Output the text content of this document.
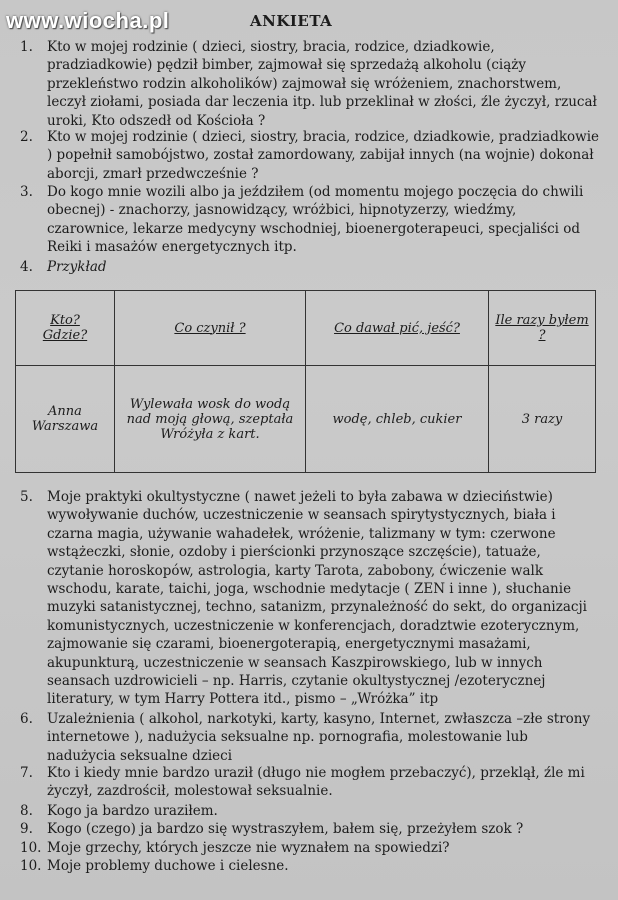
www.wiocha.pl	ANKIETA
1.	Kto w mojej rodzinie ( dzieci, siostry, bracia, rodzice, dziadkowie, pradziadkowie) pędził bimber, zajmował się sprzedażą alkoholu (ciąży przekleństwo rodzin alkoholików) zajmował się wróżeniem, znachorstwem, leczył ziołami, posiada dar leczenia itp. lub przeklinał w złości, źle życzył, rzucał uroki, Kto odszedł od Kościoła ?
2.	Kto w mojej rodzinie ( dzieci, siostry, bracia, rodzice, dziadkowie, pradziadkowie ) popełnił samobójstwo, został zamordowany, zabijał innych (na wojnie) dokonał aborcji, zmarł przedwcześnie ?
3.	Do kogo mnie wozili albo ja jeździłem (od momentu mojego poczęcia do chwili obecnej) - znachorzy, jasnowidzący, wróżbici, hipnotyzerzy, wiedźmy, czarownice, lekarze medycyny wschodniej, bioenergoterapeuci, specjaliści od Reiki i masażów energetycznych itp.
4.	Przykład
Kto?
Gdzie?	Co czynił ?	Co dawał pić, jeść?	Ile razy byłem ?
Anna
Warszawa	Wylewała wosk do wodą nad moją głową, szeptała Wróżyła z kart.	wodę, chleb, cukier	3 razy
5.	Moje praktyki okultystyczne ( nawet jeżeli to była zabawa w dzieciństwie) wywoływanie duchów, uczestniczenie w seansach spirytystycznych, biała i czarna magia, używanie wahadełek, wróżenie, talizmany w tym: czerwone wstążeczki, słonie, ozdoby i pierścionki przynoszące szczęście), tatuaże, czytanie horoskopów, astrologia, karty Tarota, zabobony, ćwiczenie walk wschodu, karate, taichi, joga, wschodnie medytacje ( ZEN i inne ), słuchanie muzyki satanistycznej, techno, satanizm, przynależność do sekt, do organizacji komunistycznych, uczestniczenie w konferencjach, doradztwie ezoterycznym, zajmowanie się czarami, bioenergoterapią, energetycznymi masażami, akupunkturą, uczestniczenie w seansach Kaszpirowskiego, lub w innych seansach uzdrowicieli – np. Harris, czytanie okultystycznej /ezoterycznej literatury, w tym Harry Pottera itd., pismo – „Wróżka” itp
6.	Uzależnienia ( alkohol, narkotyki, karty, kasyno, Internet, zwłaszcza –złe strony internetowe ), nadużycia seksualne np. pornografia, molestowanie lub nadużycia seksualne dzieci
7.	Kto i kiedy mnie bardzo uraził (długo nie mogłem przebaczyć), przeklął, źle mi życzył, zazdrościł, molestował seksualnie.
8.	Kogo ja bardzo uraziłem.
9.	Kogo (czego) ja bardzo się wystraszyłem, bałem się, przeżyłem szok ?
10. Moje grzechy, których jeszcze nie wyznałem na spowiedzi?
10. Moje problemy duchowe i cielesne.
